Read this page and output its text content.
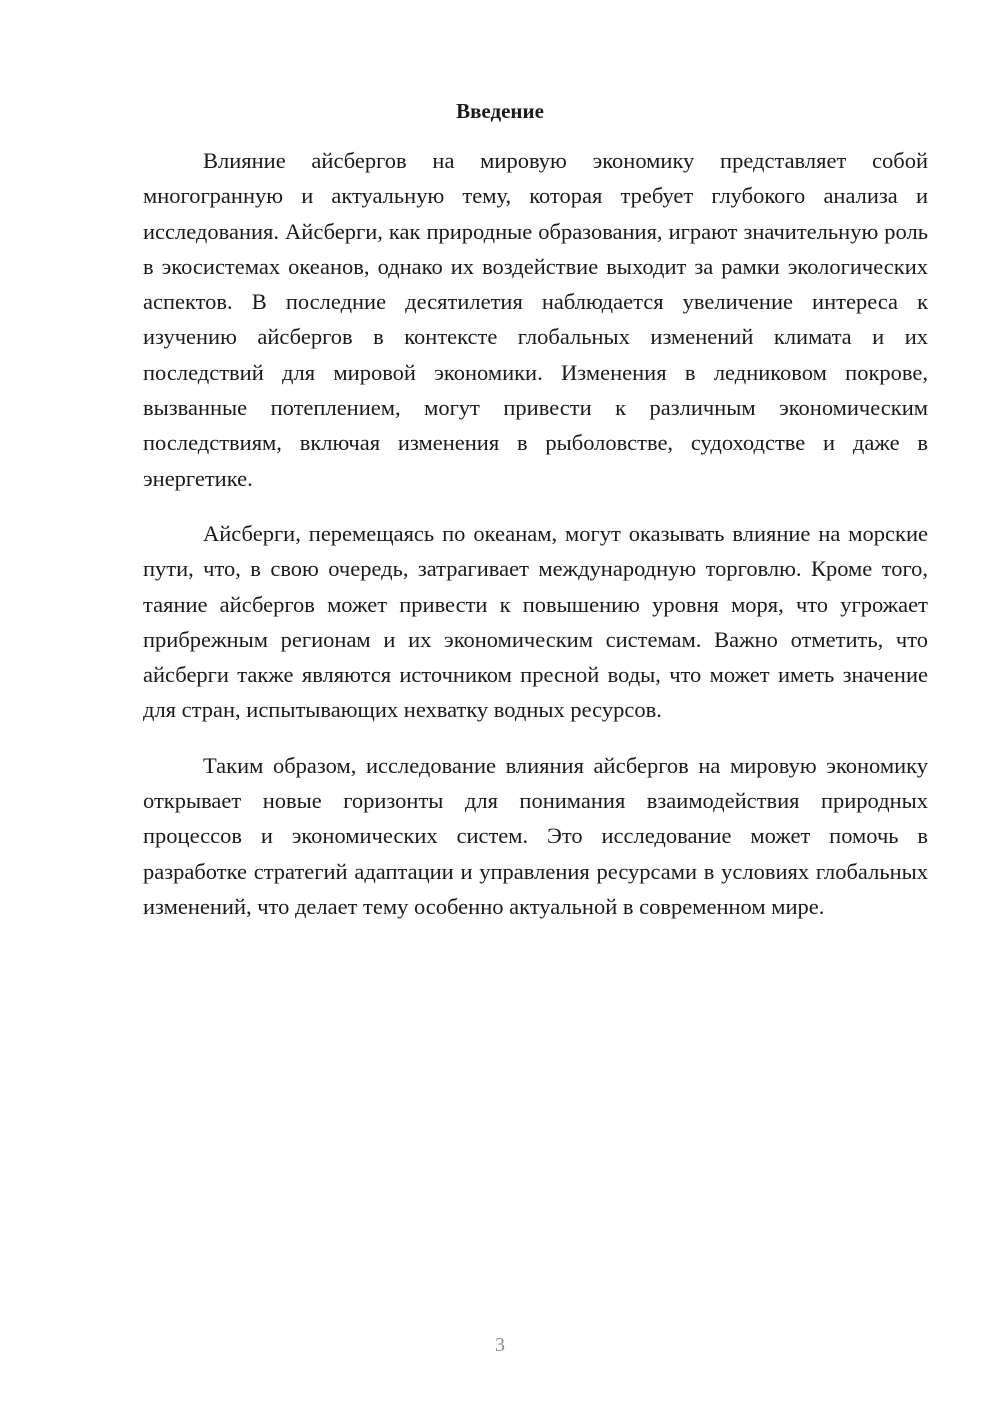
Введение

Влияние айсбергов на мировую экономику представляет собой многогранную и актуальную тему, которая требует глубокого анализа и исследования. Айсберги, как природные образования, играют значительную роль в экосистемах океанов, однако их воздействие выходит за рамки экологических аспектов. В последние десятилетия наблюдается увеличение интереса к изучению айсбергов в контексте глобальных изменений климата и их последствий для мировой экономики. Изменения в ледниковом покрове, вызванные потеплением, могут привести к различным экономическим последствиям, включая изменения в рыболовстве, судоходстве и даже в энергетике.

Айсберги, перемещаясь по океанам, могут оказывать влияние на морские пути, что, в свою очередь, затрагивает международную торговлю. Кроме того, таяние айсбергов может привести к повышению уровня моря, что угрожает прибрежным регионам и их экономическим системам. Важно отметить, что айсберги также являются источником пресной воды, что может иметь значение для стран, испытывающих нехватку водных ресурсов.

Таким образом, исследование влияния айсбергов на мировую экономику открывает новые горизонты для понимания взаимодействия природных процессов и экономических систем. Это исследование может помочь в разработке стратегий адаптации и управления ресурсами в условиях глобальных изменений, что делает тему особенно актуальной в современном мире.

3
